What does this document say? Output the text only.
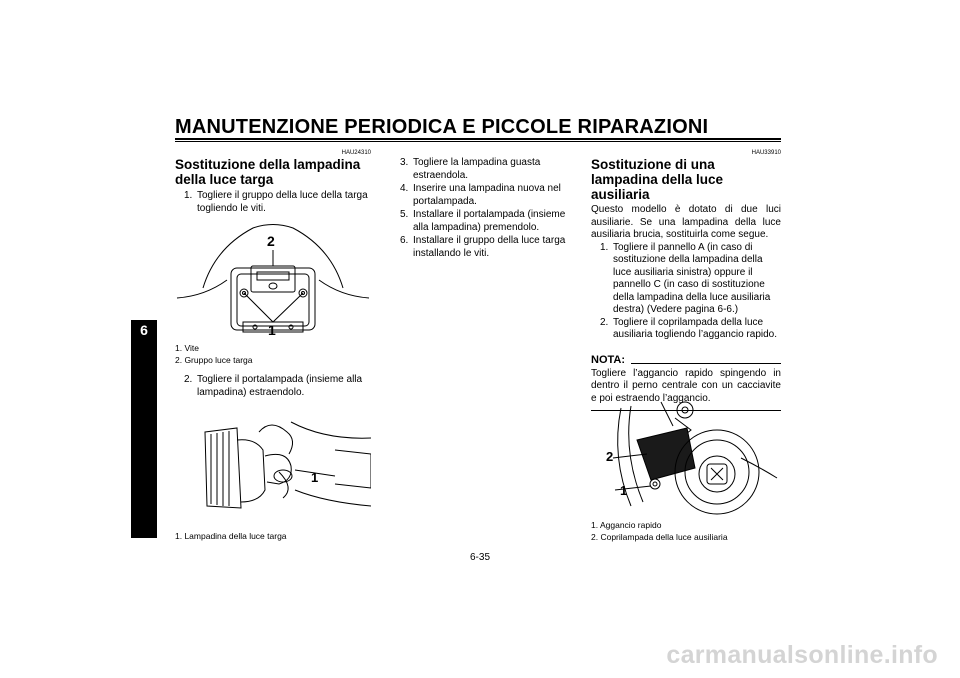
MANUTENZIONE PERIODICA E PICCOLE RIPARAZIONI
6
HAU24310
Sostituzione della lampadina della luce targa
1. Togliere il gruppo della luce della targa togliendo le viti.
2
1
1. Vite
2. Gruppo luce targa
2. Togliere il portalampada (insieme alla lampadina) estraendolo.
1
1. Lampadina della luce targa
3. Togliere la lampadina guasta estraendola.
4. Inserire una lampadina nuova nel portalampada.
5. Installare il portalampada (insieme alla lampadina) premendolo.
6. Installare il gruppo della luce targa installando le viti.
HAU33910
Sostituzione di una lampadina della luce ausiliaria
Questo modello è dotato di due luci ausiliarie. Se una lampadina della luce ausiliaria brucia, sostituirla come segue.
1. Togliere il pannello A (in caso di sostituzione della lampadina della luce ausiliaria sinistra) oppure il pannello C (in caso di sostituzione della lampadina della luce ausiliaria destra) (Vedere pagina 6-6.)
2. Togliere il coprilampada della luce ausiliaria togliendo l’aggancio rapido.
NOTA:
Togliere l’aggancio rapido spingendo in dentro il perno centrale con un cacciavite e poi estraendo l’aggancio.
2
1
1. Aggancio rapido
2. Coprilampada della luce ausiliaria
6-35
carmanualsonline.info
